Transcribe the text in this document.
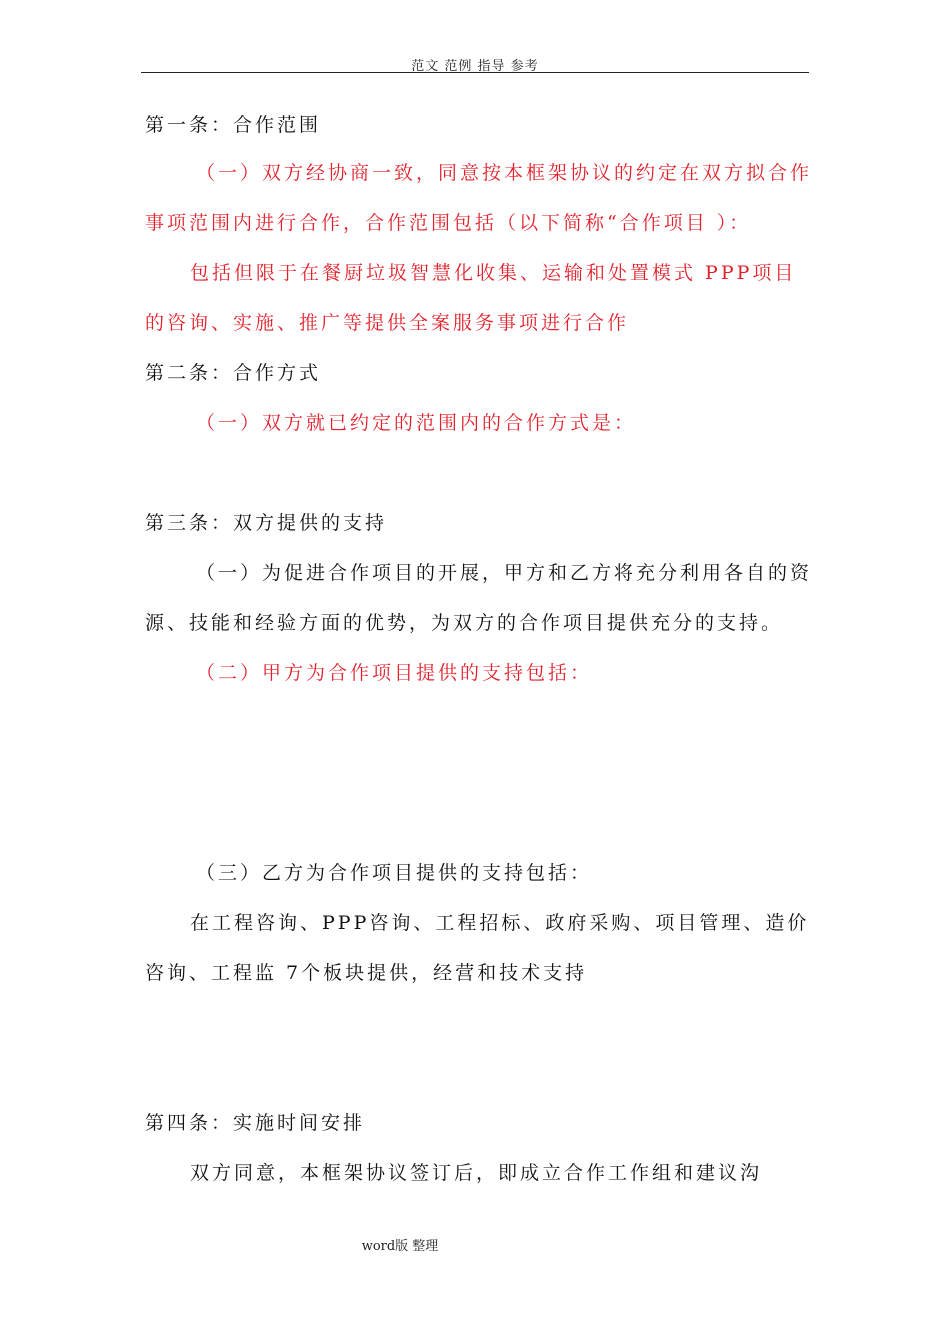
范文 范例 指导 参考
第一条：合作范围
（一）双方经协商一致，同意按本框架协议的约定在双方拟合作
事项范围内进行合作，合作范围包括（以下简称“合作项目 ）：
包括但限于在餐厨垃圾智慧化收集、运输和处置模式 PPP项目
的咨询、实施、推广等提供全案服务事项进行合作
第二条：合作方式
（一）双方就已约定的范围内的合作方式是：
第三条：双方提供的支持
（一）为促进合作项目的开展，甲方和乙方将充分利用各自的资
源、技能和经验方面的优势，为双方的合作项目提供充分的支持。
（二）甲方为合作项目提供的支持包括：
（三）乙方为合作项目提供的支持包括：
在工程咨询、PPP咨询、工程招标、政府采购、项目管理、造价
咨询、工程监 7个板块提供，经营和技术支持
第四条：实施时间安排
双方同意，本框架协议签订后，即成立合作工作组和建议沟
word版 整理
